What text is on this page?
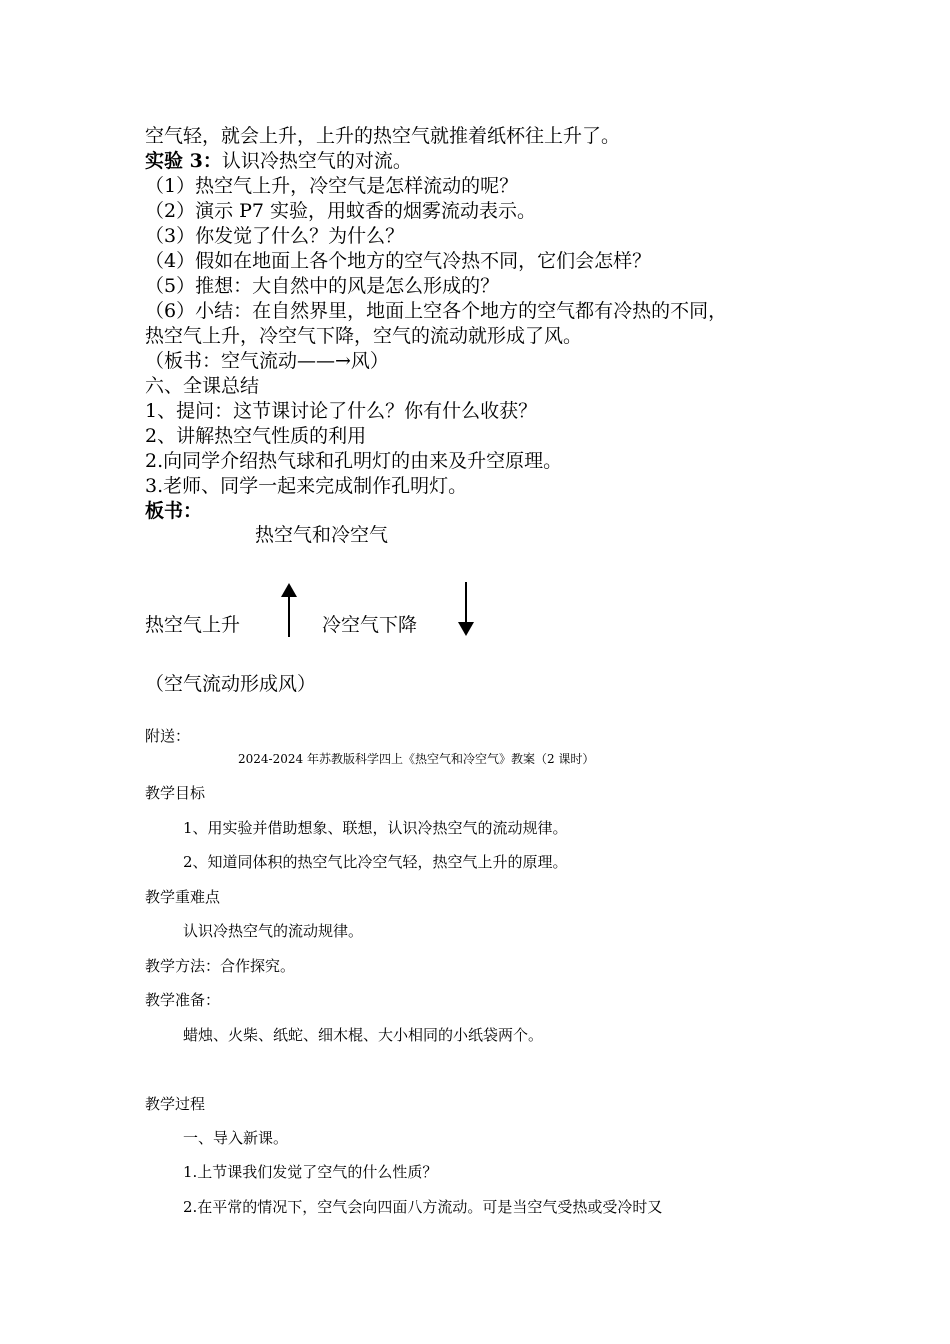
空气轻，就会上升，上升的热空气就推着纸杯往上升了。
实验 3：认识冷热空气的对流。
（1）热空气上升，冷空气是怎样流动的呢？
（2）演示 P7 实验，用蚊香的烟雾流动表示。
（3）你发觉了什么？为什么？
（4）假如在地面上各个地方的空气冷热不同，它们会怎样？
（5）推想：大自然中的风是怎么形成的？
（6）小结：在自然界里，地面上空各个地方的空气都有冷热的不同，
热空气上升，冷空气下降，空气的流动就形成了风。
（板书：空气流动——→风）
六、全课总结
1、提问：这节课讨论了什么？你有什么收获？
2、讲解热空气性质的利用
2.向同学介绍热气球和孔明灯的由来及升空原理。
3.老师、同学一起来完成制作孔明灯。
板书：
热空气和冷空气
热空气上升	冷空气下降
（空气流动形成风）
附送：
2024-2024 年苏教版科学四上《热空气和冷空气》教案（2 课时）
教学目标
1、用实验并借助想象、联想，认识冷热空气的流动规律。
2、知道同体积的热空气比冷空气轻，热空气上升的原理。
教学重难点
认识冷热空气的流动规律。
教学方法：合作探究。
教学准备：
蜡烛、火柴、纸蛇、细木棍、大小相同的小纸袋两个。
教学过程
一、导入新课。
1.上节课我们发觉了空气的什么性质？
2.在平常的情况下，空气会向四面八方流动。可是当空气受热或受冷时又
